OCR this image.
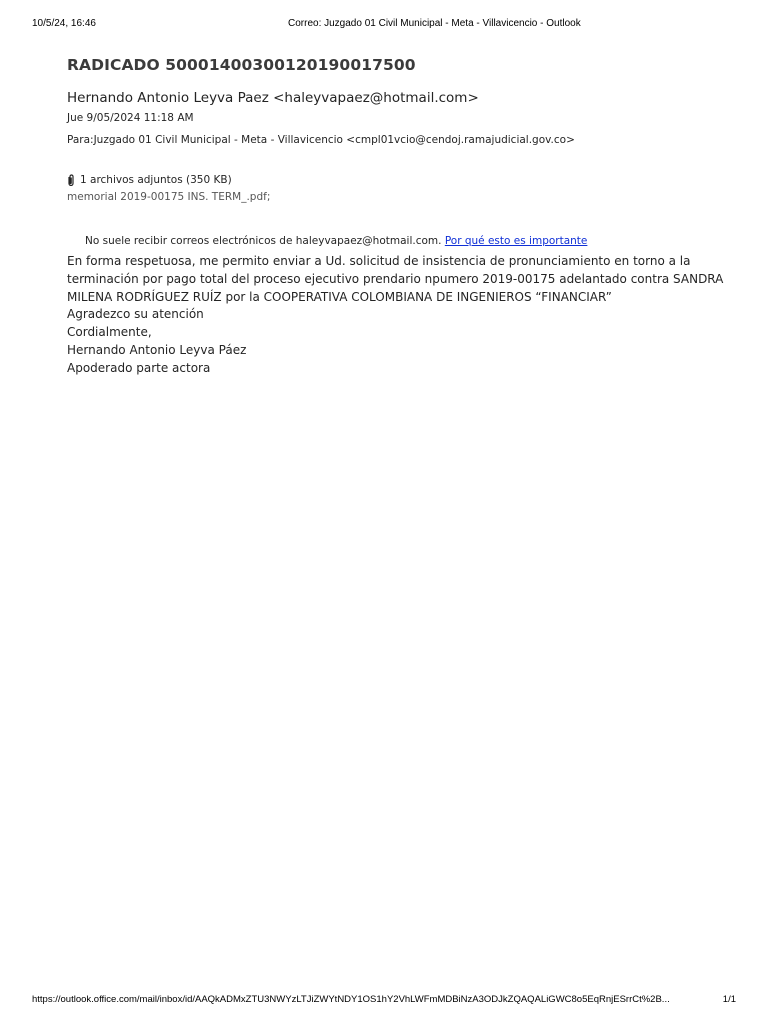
10/5/24, 16:46	Correo: Juzgado 01 Civil Municipal - Meta - Villavicencio - Outlook
RADICADO 50001400300120190017500
Hernando Antonio Leyva Paez <haleyvapaez@hotmail.com>
Jue 9/05/2024 11:18 AM
Para:Juzgado 01 Civil Municipal - Meta - Villavicencio <cmpl01vcio@cendoj.ramajudicial.gov.co>
1 archivos adjuntos (350 KB)
memorial 2019-00175 INS. TERM_.pdf;
No suele recibir correos electrónicos de haleyvapaez@hotmail.com. Por qué esto es importante

En forma respetuosa, me permito enviar a Ud. solicitud de insistencia de pronunciamiento en torno a la terminación por pago total del proceso ejecutivo prendario npumero 2019-00175 adelantado contra SANDRA MILENA RODRÍGUEZ RUÍZ por la COOPERATIVA COLOMBIANA DE INGENIEROS “FINANCIAR”

Agradezco su atención

Cordialmente,

Hernando Antonio Leyva Páez

Apoderado parte actora

https://outlook.office.com/mail/inbox/id/AAQkADMxZTU3NWYzLTJiZWYtNDY1OS1hY2VhLWFmMDBiNzA3ODJkZQAQALiGWC8o5EqRnjESrrCt%2B...	1/1
